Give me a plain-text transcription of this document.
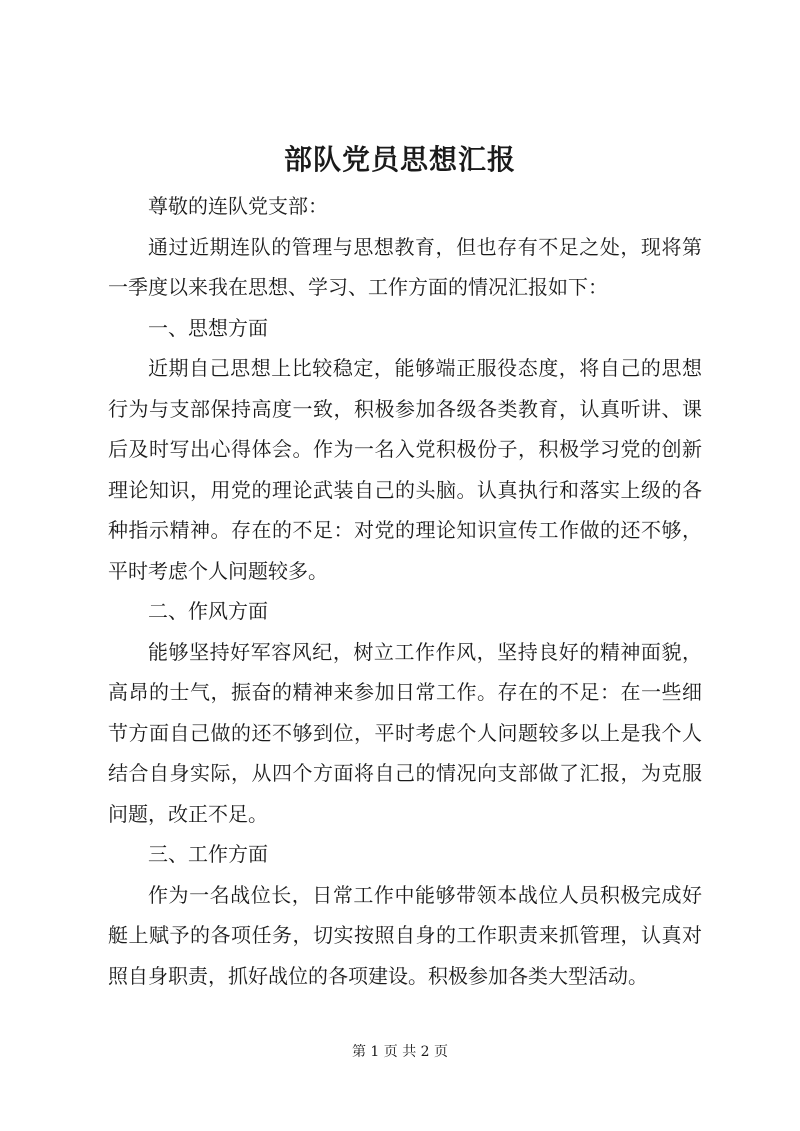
部队党员思想汇报

尊敬的连队党支部：

通过近期连队的管理与思想教育，但也存有不足之处，现将第一季度以来我在思想、学习、工作方面的情况汇报如下：

一、思想方面

近期自己思想上比较稳定，能够端正服役态度，将自己的思想行为与支部保持高度一致，积极参加各级各类教育，认真听讲、课后及时写出心得体会。作为一名入党积极份子，积极学习党的创新理论知识，用党的理论武装自己的头脑。认真执行和落实上级的各种指示精神。存在的不足：对党的理论知识宣传工作做的还不够，平时考虑个人问题较多。

二、作风方面

能够坚持好军容风纪，树立工作作风，坚持良好的精神面貌，高昂的士气，振奋的精神来参加日常工作。存在的不足：在一些细节方面自己做的还不够到位，平时考虑个人问题较多以上是我个人结合自身实际，从四个方面将自己的情况向支部做了汇报，为克服问题，改正不足。

三、工作方面

作为一名战位长，日常工作中能够带领本战位人员积极完成好艇上赋予的各项任务，切实按照自身的工作职责来抓管理，认真对照自身职责，抓好战位的各项建设。积极参加各类大型活动。

第 1 页 共 2 页
